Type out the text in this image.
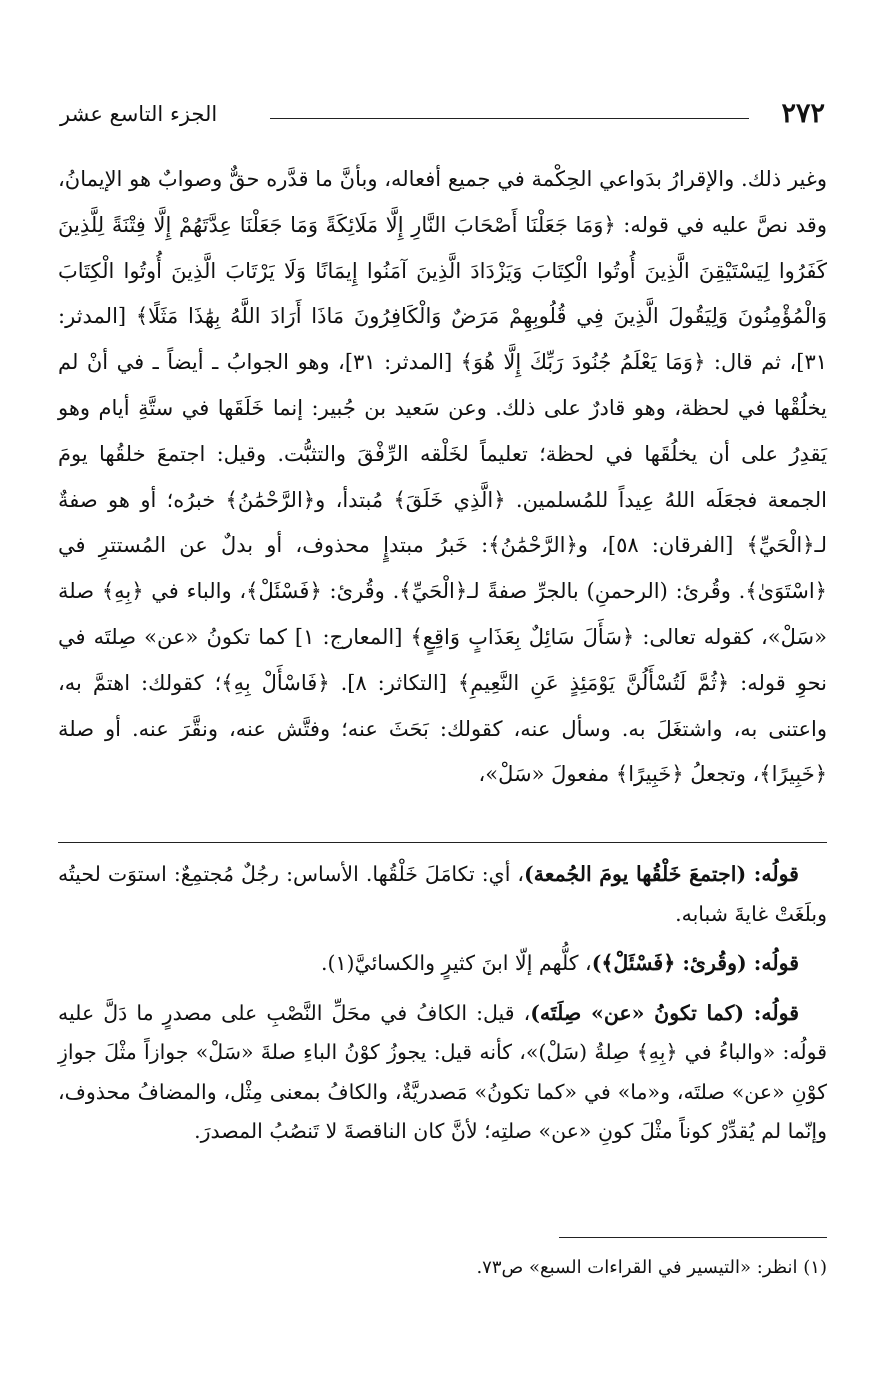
٢٧٢
الجزء التاسع عشر

وغير ذلك. والإقرارُ بدَواعي الحِكْمة في جميع أفعاله، وبأنَّ ما قدَّره حقٌّ وصوابٌ هو الإيمانُ، وقد نصَّ عليه في قوله: ﴿وَمَا جَعَلْنَا أَصْحَابَ النَّارِ إِلَّا مَلَائِكَةً وَمَا جَعَلْنَا عِدَّتَهُمْ إِلَّا فِتْنَةً لِلَّذِينَ كَفَرُوا لِيَسْتَيْقِنَ الَّذِينَ أُوتُوا الْكِتَابَ وَيَزْدَادَ الَّذِينَ آمَنُوا إِيمَانًا وَلَا يَرْتَابَ الَّذِينَ أُوتُوا الْكِتَابَ وَالْمُؤْمِنُونَ وَلِيَقُولَ الَّذِينَ فِي قُلُوبِهِمْ مَرَضٌ وَالْكَافِرُونَ مَاذَا أَرَادَ اللَّهُ بِهَٰذَا مَثَلًا﴾ [المدثر: ٣١]، ثم قال: ﴿وَمَا يَعْلَمُ جُنُودَ رَبِّكَ إِلَّا هُوَ﴾ [المدثر: ٣١]، وهو الجوابُ ـ أيضاً ـ في أنْ لم يخلُقْها في لحظة، وهو قادرٌ على ذلك. وعن سَعيد بن جُبير: إنما خَلَقَها في ستَّةِ أيام وهو يَقدِرُ على أن يخلُقَها في لحظة؛ تعليماً لخَلْقه الرِّفْقَ والتثبُّت. وقيل: اجتمعَ خلقُها يومَ الجمعة فجعَلَه اللهُ عِيداً للمُسلمين. ﴿الَّذِي خَلَقَ﴾ مُبتدأ، و﴿الرَّحْمَٰنُ﴾ خبرُه؛ أو هو صفةٌ لـ﴿الْحَيِّ﴾ [الفرقان: ٥٨]، و﴿الرَّحْمَٰنُ﴾: خَبرُ مبتدإٍ محذوف، أو بدلٌ عن المُستترِ في ﴿اسْتَوَىٰ﴾. وقُرئ: (الرحمنِ) بالجرِّ صفةً لـ﴿الْحَيِّ﴾. وقُرئ: ﴿فَسْئَلْ﴾، والباء في ﴿بِهِ﴾ صلة «سَلْ»، كقوله تعالى: ﴿سَأَلَ سَائِلٌ بِعَذَابٍ وَاقِعٍ﴾ [المعارج: ١] كما تكونُ «عن» صِلتَه في نحوِ قوله: ﴿ثُمَّ لَتُسْأَلُنَّ يَوْمَئِذٍ عَنِ النَّعِيمِ﴾ [التكاثر: ٨]. ﴿فَاسْأَلْ بِهِ﴾؛ كقولك: اهتمَّ به، واعتنى به، واشتغَلَ به. وسأل عنه، كقولك: بَحَثَ عنه؛ وفتَّش عنه، ونقَّرَ عنه. أو صلة ﴿خَبِيرًا﴾، وتجعلُ ﴿خَبِيرًا﴾ مفعولَ «سَلْ»،

قولُه: (اجتمعَ خَلْقُها يومَ الجُمعة)، أي: تكامَلَ خَلْقُها. الأساس: رجُلٌ مُجتمِعٌ: استوَت لحيتُه وبلَغَتْ غايةَ شبابه.

قولُه: (وقُرئ: ﴿فَسْئَلْ﴾)، كلُّهم إلّا ابنَ كثيرٍ والكسائيَّ(١).

قولُه: (كما تكونُ «عن» صِلَتَه)، قيل: الكافُ في محَلِّ النَّصْبِ على مصدرٍ ما دَلَّ عليه قولُه: «والباءُ في ﴿بِهِ﴾ صِلةُ (سَلْ)»، كأنه قيل: يجوزُ كوْنُ الباءِ صلةَ «سَلْ» جوازاً مثْلَ جوازِ كوْنِ «عن» صلتَه، و«ما» في «كما تكونُ» مَصدريَّةٌ، والكافُ بمعنى مِثْل، والمضافُ محذوف، وإنّما لم يُقدِّرْ كوناً مثْلَ كونِ «عن» صلتِه؛ لأنَّ كان الناقصةَ لا تَنصُبُ المصدرَ.

(١) انظر: «التيسير في القراءات السبع» ص٧٣.
